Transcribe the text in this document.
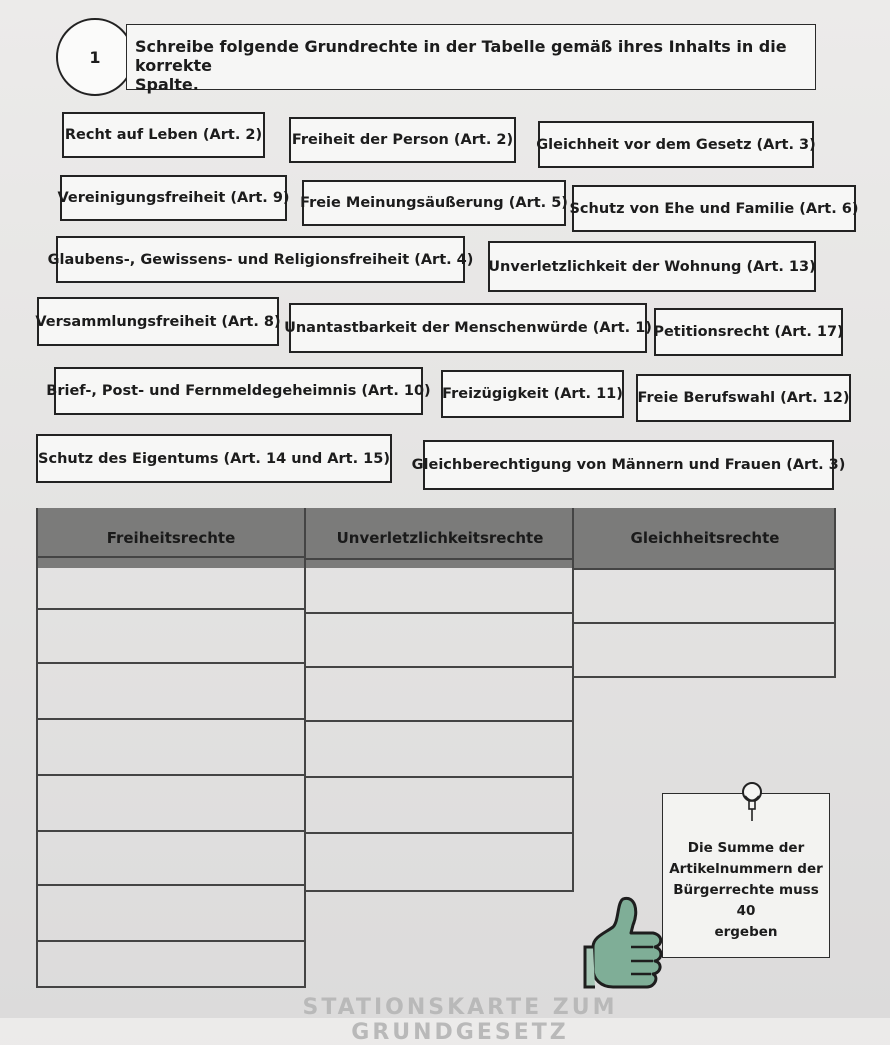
1
Schreibe folgende Grundrechte in der Tabelle gemäß ihres Inhalts in die korrekte
Spalte.
Recht auf Leben (Art. 2) Freiheit der Person (Art. 2) Gleichheit vor dem Gesetz (Art. 3)
Vereinigungsfreiheit (Art. 9) Freie Meinungsäußerung (Art. 5) Schutz von Ehe und Familie (Art. 6)
Glaubens-, Gewissens- und Religionsfreiheit (Art. 4) Unverletzlichkeit der Wohnung (Art. 13)
Versammlungsfreiheit (Art. 8) Unantastbarkeit der Menschenwürde (Art. 1) Petitionsrecht (Art. 17)
Brief-, Post- und Fernmeldegeheimnis (Art. 10) Freizügigkeit (Art. 11) Freie Berufswahl (Art. 12)
Schutz des Eigentums (Art. 14 und Art. 15) Gleichberechtigung von Männern und Frauen (Art. 3)
Freiheitsrechte	Unverletzlichkeitsrechte	Gleichheitsrechte
Die Summe der
Artikelnummern der
Bürgerrechte muss 40
ergeben
STATIONSKARTE ZUM GRUNDGESETZ
